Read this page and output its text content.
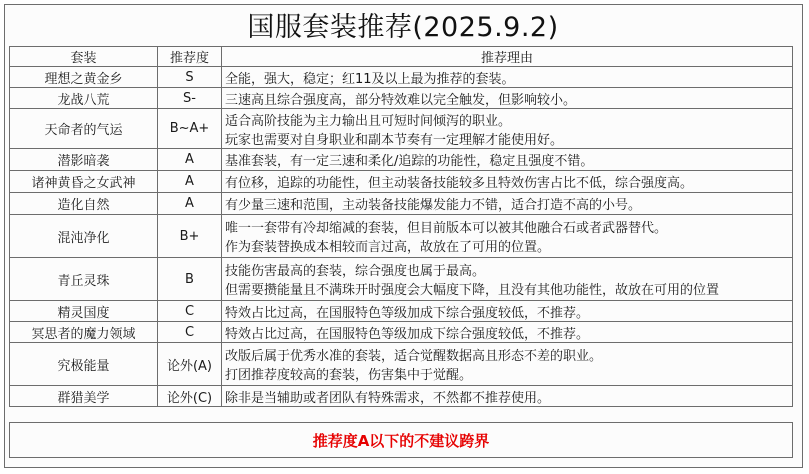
国服套装推荐(2025.9.2)
套装	推荐度	推荐理由
理想之黄金乡	S	全能，强大，稳定；红11及以上最为推荐的套装。
龙战八荒	S-	三速高且综合强度高，部分特效难以完全触发，但影响较小。
天命者的气运	B~A+	适合高阶技能为主力输出且可短时间倾泻的职业。
玩家也需要对自身职业和副本节奏有一定理解才能使用好。

潜影暗袭	A	基准套装，有一定三速和柔化/追踪的功能性，稳定且强度不错。
诸神黄昏之女武神	A	有位移，追踪的功能性，但主动装备技能较多且特效伤害占比不低，综合强度高。
造化自然	A	有少量三速和范围，主动装备技能爆发能力不错，适合打造不高的小号。
混沌净化	B+	唯一一套带有冷却缩减的套装，但目前版本可以被其他融合石或者武器替代。
作为套装替换成本相较而言过高，故放在了可用的位置。

青丘灵珠	B	技能伤害最高的套装，综合强度也属于最高。
但需要攒能量且不满珠开时强度会大幅度下降，且没有其他功能性，故放在可用的位置

精灵国度	C	特效占比过高，在国服特色等级加成下综合强度较低，不推荐。
冥思者的魔力领域	C	特效占比过高，在国服特色等级加成下综合强度较低，不推荐。
究极能量	论外(A)	改版后属于优秀水准的套装，适合觉醒数据高且形态不差的职业。
打团推荐度较高的套装，伤害集中于觉醒。

群猎美学	论外(C)	除非是当辅助或者团队有特殊需求，不然都不推荐使用。
推荐度A以下的不建议跨界
